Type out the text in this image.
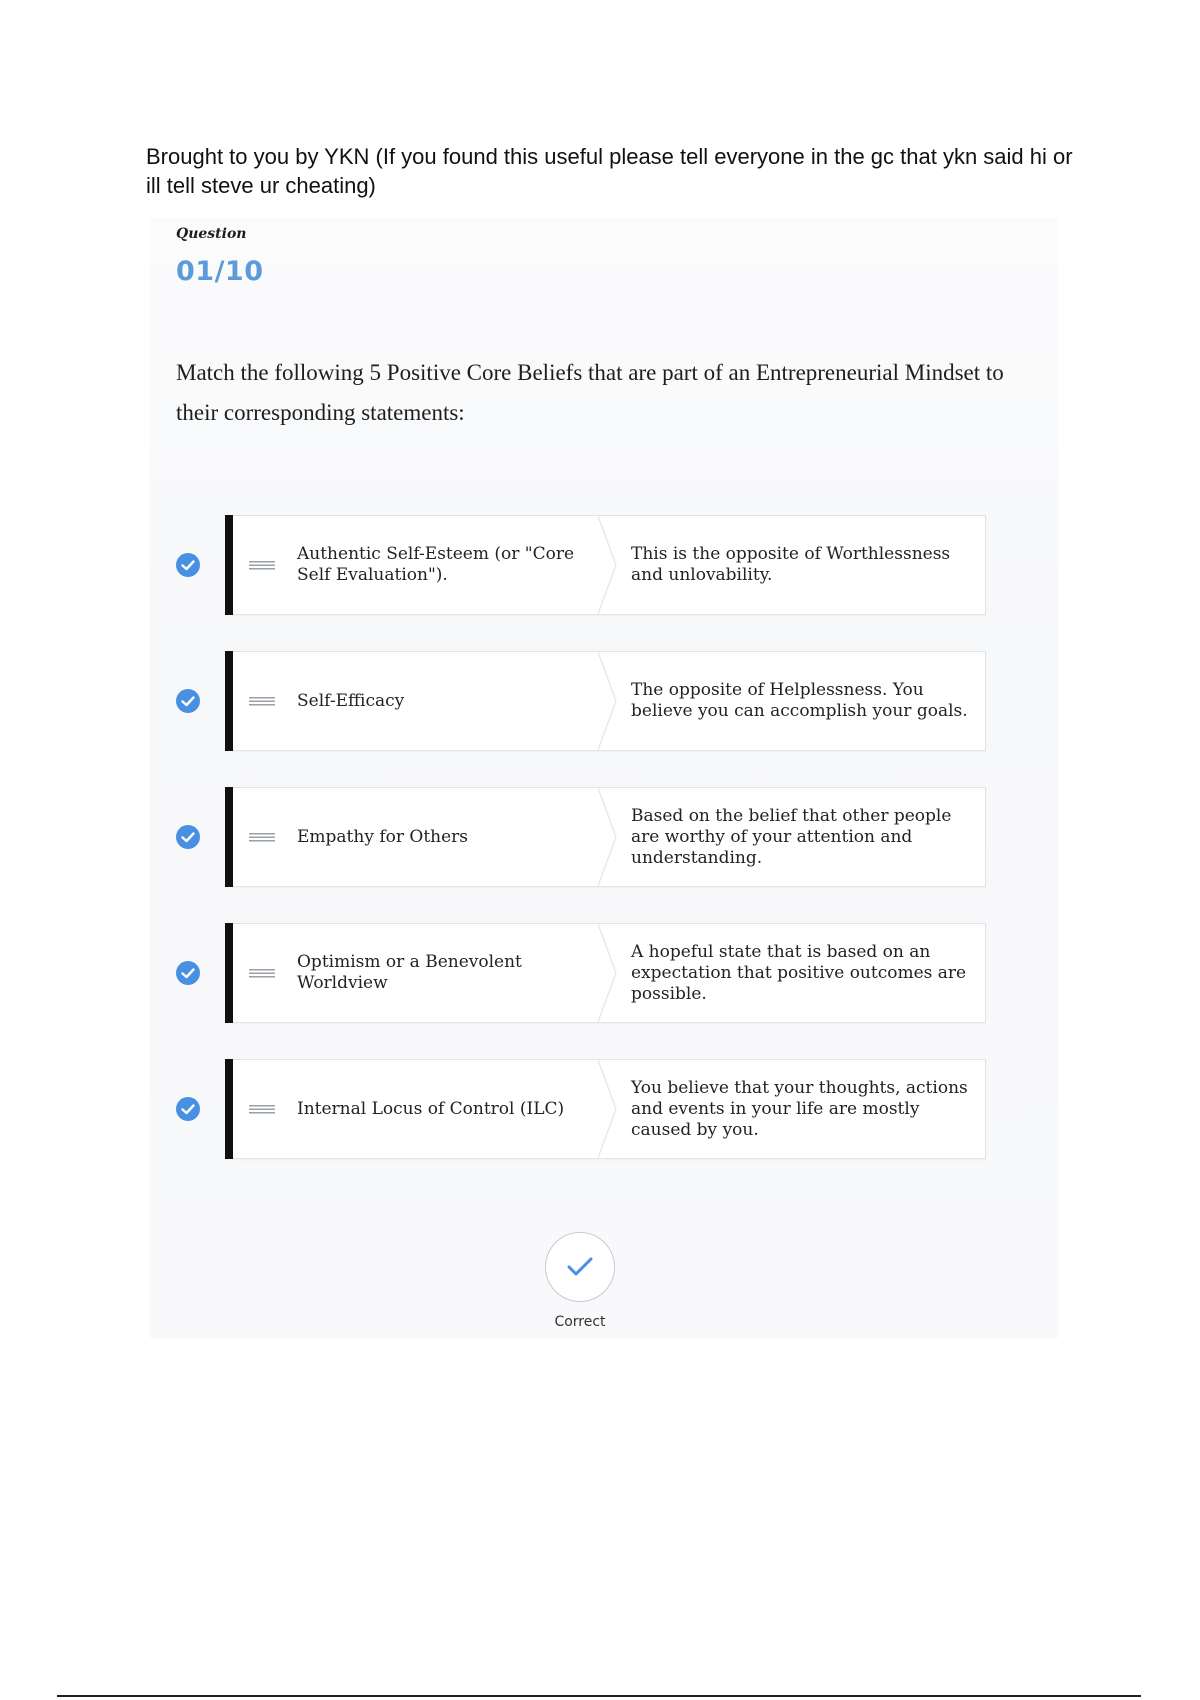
Brought to you by YKN (If you found this useful please tell everyone in the gc that ykn said hi or ill tell steve ur cheating)
Question
01/10
Match the following 5 Positive Core Beliefs that are part of an Entrepreneurial Mindset to their corresponding statements:
Authentic Self-Esteem (or "Core Self Evaluation").
This is the opposite of Worthlessness and unlovability.
Self-Efficacy
The opposite of Helplessness. You believe you can accomplish your goals.
Empathy for Others
Based on the belief that other people are worthy of your attention and understanding.
Optimism or a Benevolent Worldview
A hopeful state that is based on an expectation that positive outcomes are possible.
Internal Locus of Control (ILC)
You believe that your thoughts, actions and events in your life are mostly caused by you.
Correct
